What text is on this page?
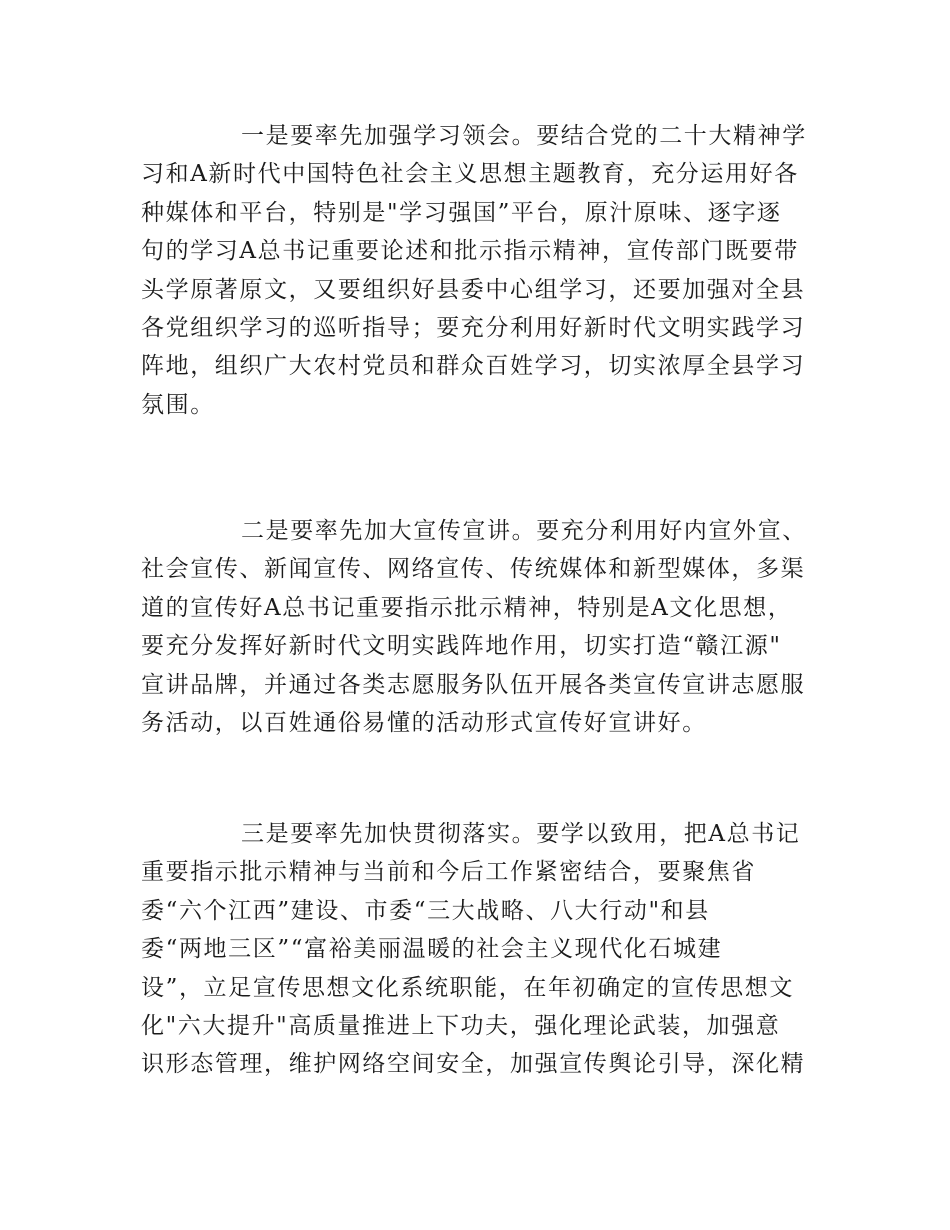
一是要率先加强学习领会。要结合党的二十大精神学
习和A新时代中国特色社会主义思想主题教育，充分运用好各
种媒体和平台，特别是"学习强国”平台，原汁原味、逐字逐
句的学习A总书记重要论述和批示指示精神，宣传部门既要带
头学原著原文，又要组织好县委中心组学习，还要加强对全县
各党组织学习的巡听指导；要充分利用好新时代文明实践学习
阵地，组织广大农村党员和群众百姓学习，切实浓厚全县学习
氛围。
二是要率先加大宣传宣讲。要充分利用好内宣外宣、
社会宣传、新闻宣传、网络宣传、传统媒体和新型媒体，多渠
道的宣传好A总书记重要指示批示精神，特别是A文化思想，
要充分发挥好新时代文明实践阵地作用，切实打造“赣江源"
宣讲品牌，并通过各类志愿服务队伍开展各类宣传宣讲志愿服
务活动，以百姓通俗易懂的活动形式宣传好宣讲好。
三是要率先加快贯彻落实。要学以致用，把A总书记
重要指示批示精神与当前和今后工作紧密结合，要聚焦省
委“六个江西”建设、市委“三大战略、八大行动"和县
委“两地三区”“富裕美丽温暖的社会主义现代化石城建
设”，立足宣传思想文化系统职能，在年初确定的宣传思想文
化"六大提升"高质量推进上下功夫，强化理论武装，加强意
识形态管理，维护网络空间安全，加强宣传舆论引导，深化精
